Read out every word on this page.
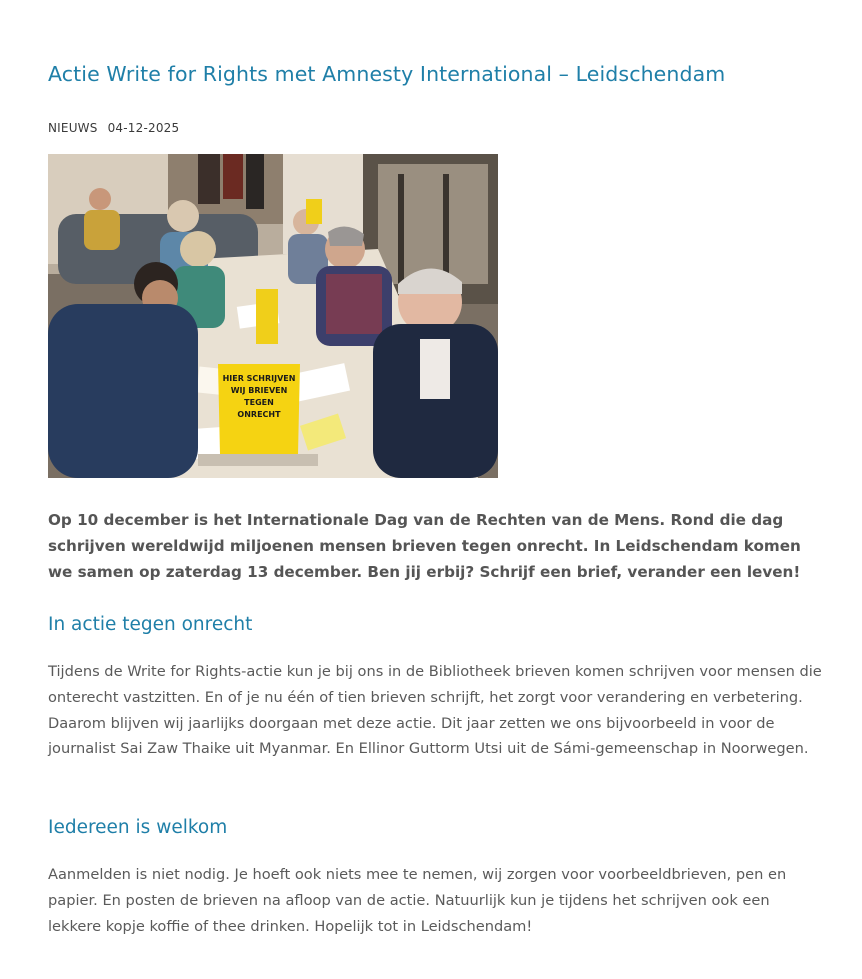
Actie Write for Rights met Amnesty International – Leidschendam
NIEUWS 04-12-2025
HIER SCHRIJVEN
WIJ BRIEVEN
TEGEN
ONRECHT

Op 10 december is het Internationale Dag van de Rechten van de Mens. Rond die dag schrijven wereldwijd miljoenen mensen brieven tegen onrecht. In Leidschendam komen we samen op zaterdag 13 december. Ben jij erbij? Schrijf een brief, verander een leven!

In actie tegen onrecht

Tijdens de Write for Rights-actie kun je bij ons in de Bibliotheek brieven komen schrijven voor mensen die onterecht vastzitten. En of je nu één of tien brieven schrijft, het zorgt voor verandering en verbetering. Daarom blijven wij jaarlijks doorgaan met deze actie. Dit jaar zetten we ons bijvoorbeeld in voor de journalist Sai Zaw Thaike uit Myanmar. En Ellinor Guttorm Utsi uit de Sámi-gemeenschap in Noorwegen.

Iedereen is welkom

Aanmelden is niet nodig. Je hoeft ook niets mee te nemen, wij zorgen voor voorbeeldbrieven, pen en papier. En posten de brieven na afloop van de actie. Natuurlijk kun je tijdens het schrijven ook een lekkere kopje koffie of thee drinken. Hopelijk tot in Leidschendam!
